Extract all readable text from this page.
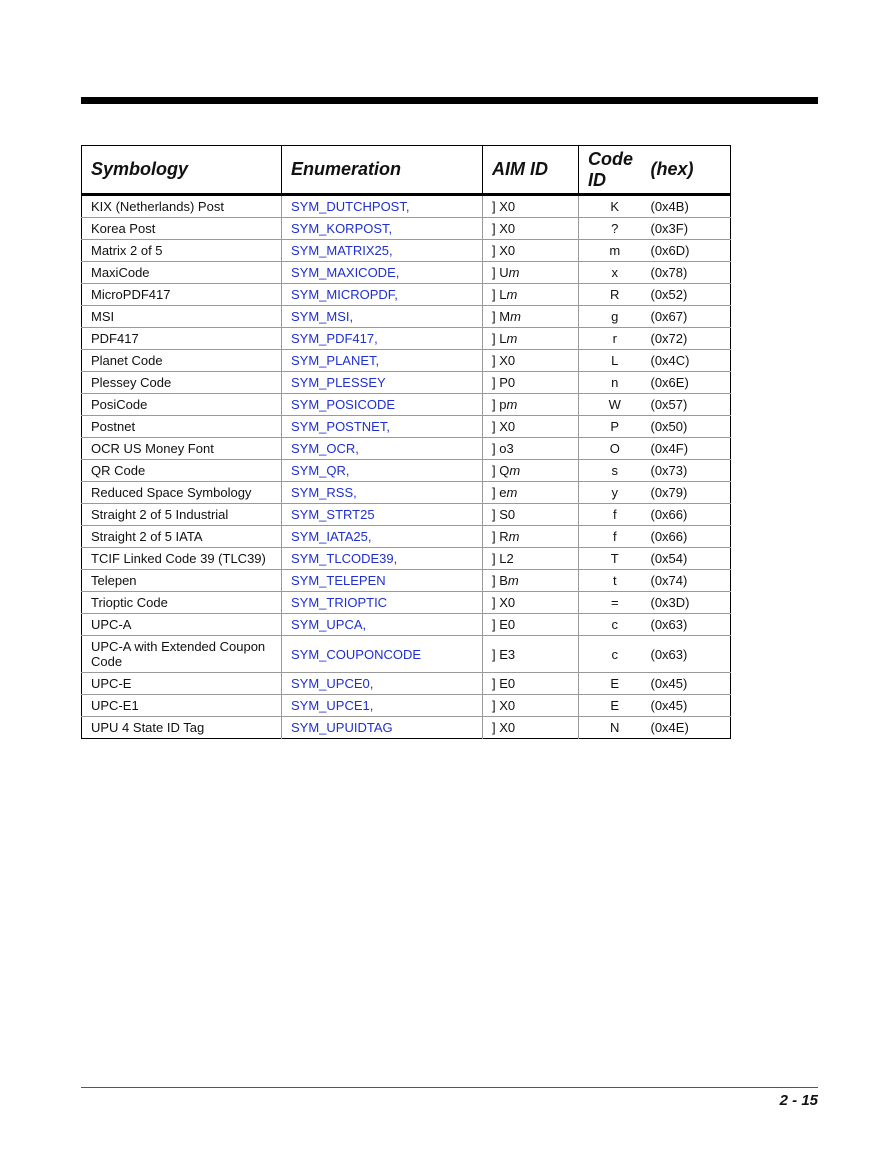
Symbology	Enumeration	AIM ID	Code ID	(hex)
KIX (Netherlands) Post	SYM_DUTCHPOST,	] X0	K	(0x4B)
Korea Post	SYM_KORPOST,	] X0	?	(0x3F)
Matrix 2 of 5	SYM_MATRIX25,	] X0	m	(0x6D)
MaxiCode	SYM_MAXICODE,	] Um	x	(0x78)
MicroPDF417	SYM_MICROPDF,	] Lm	R	(0x52)
MSI	SYM_MSI,	] Mm	g	(0x67)
PDF417	SYM_PDF417,	] Lm	r	(0x72)
Planet Code	SYM_PLANET,	] X0	L	(0x4C)
Plessey Code	SYM_PLESSEY	] P0	n	(0x6E)
PosiCode	SYM_POSICODE	] pm	W	(0x57)
Postnet	SYM_POSTNET,	] X0	P	(0x50)
OCR US Money Font	SYM_OCR,	] o3	O	(0x4F)
QR Code	SYM_QR,	] Qm	s	(0x73)
Reduced Space Symbology	SYM_RSS,	] em	y	(0x79)
Straight 2 of 5 Industrial	SYM_STRT25	] S0	f	(0x66)
Straight 2 of 5 IATA	SYM_IATA25,	] Rm	f	(0x66)
TCIF Linked Code 39 (TLC39)	SYM_TLCODE39,	] L2	T	(0x54)
Telepen	SYM_TELEPEN	] Bm	t	(0x74)
Trioptic Code	SYM_TRIOPTIC	] X0	=	(0x3D)
UPC-A	SYM_UPCA,	] E0	c	(0x63)
UPC-A with Extended Coupon Code	SYM_COUPONCODE	] E3	c	(0x63)
UPC-E	SYM_UPCE0,	] E0	E	(0x45)
UPC-E1	SYM_UPCE1,	] X0	E	(0x45)
UPU 4 State ID Tag	SYM_UPUIDTAG	] X0	N	(0x4E)
2 - 15
